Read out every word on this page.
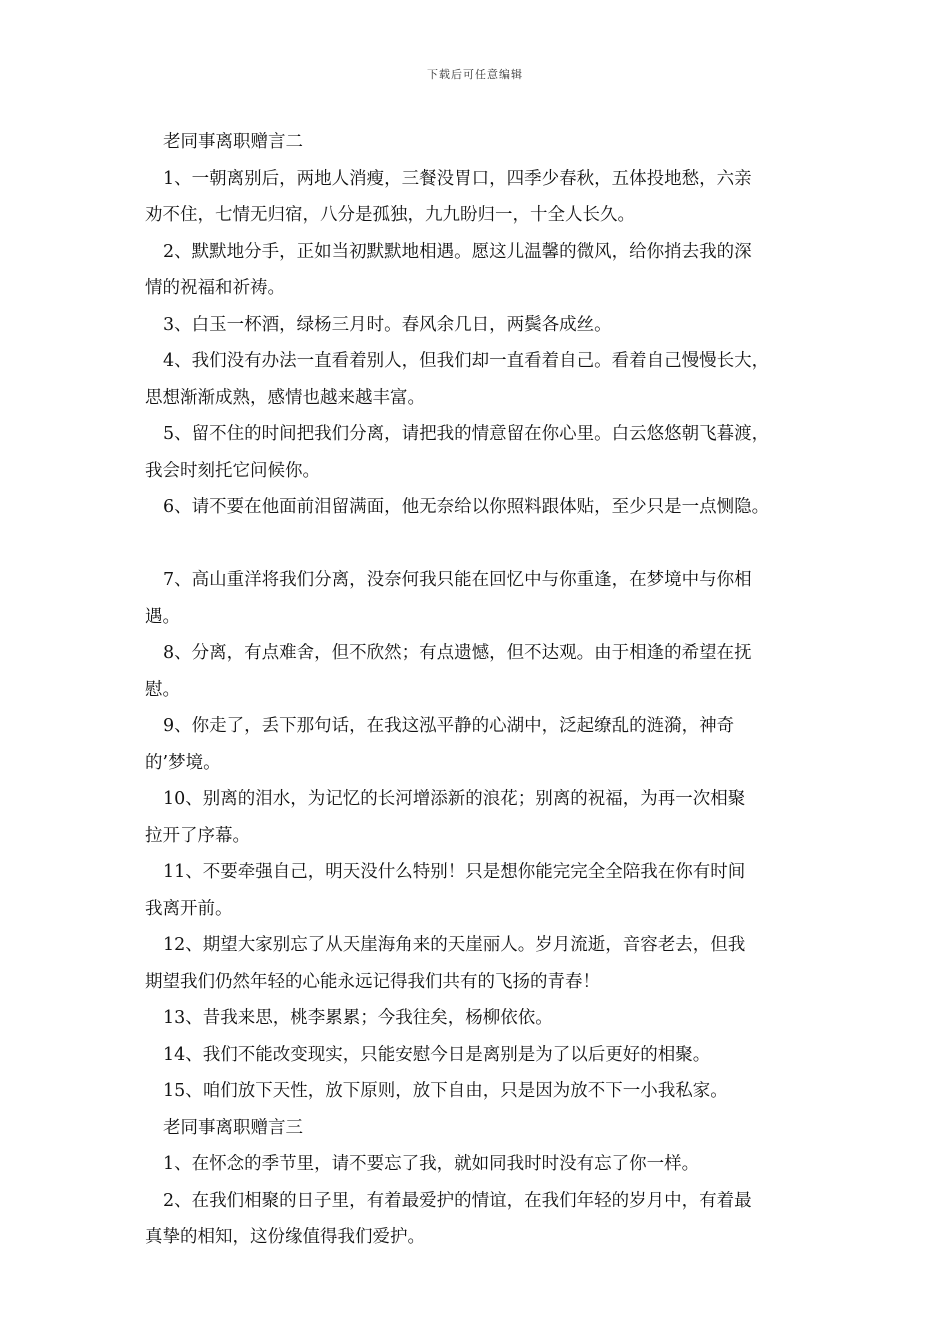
下载后可任意编辑
老同事离职赠言二
1、一朝离别后，两地人消瘦，三餐没胃口，四季少春秋，五体投地愁，六亲
劝不住，七情无归宿，八分是孤独，九九盼归一，十全人长久。
2、默默地分手，正如当初默默地相遇。愿这儿温馨的微风，给你捎去我的深
情的祝福和祈祷。
3、白玉一杯酒，绿杨三月时。春风余几日，两鬓各成丝。
4、我们没有办法一直看着别人，但我们却一直看着自己。看着自己慢慢长大，
思想渐渐成熟，感情也越来越丰富。
5、留不住的时间把我们分离，请把我的情意留在你心里。白云悠悠朝飞暮渡，
我会时刻托它问候你。
6、请不要在他面前泪留满面，他无奈给以你照料跟体贴，至少只是一点恻隐。
7、高山重洋将我们分离，没奈何我只能在回忆中与你重逢，在梦境中与你相
遇。
8、分离，有点难舍，但不欣然；有点遗憾，但不达观。由于相逢的希望在抚
慰。
9、你走了，丢下那句话，在我这泓平静的心湖中，泛起缭乱的涟漪，神奇
的’梦境。
10、别离的泪水，为记忆的长河增添新的浪花；别离的祝福，为再一次相聚
拉开了序幕。
11、不要牵强自己，明天没什么特别！只是想你能完完全全陪我在你有时间
我离开前。
12、期望大家别忘了从天崖海角来的天崖丽人。岁月流逝，音容老去，但我
期望我们仍然年轻的心能永远记得我们共有的飞扬的青春！
13、昔我来思，桃李累累；今我往矣，杨柳依依。
14、我们不能改变现实，只能安慰今日是离别是为了以后更好的相聚。
15、咱们放下天性，放下原则，放下自由，只是因为放不下一小我私家。
老同事离职赠言三
1、在怀念的季节里，请不要忘了我，就如同我时时没有忘了你一样。
2、在我们相聚的日子里，有着最爱护的情谊，在我们年轻的岁月中，有着最
真挚的相知，这份缘值得我们爱护。
